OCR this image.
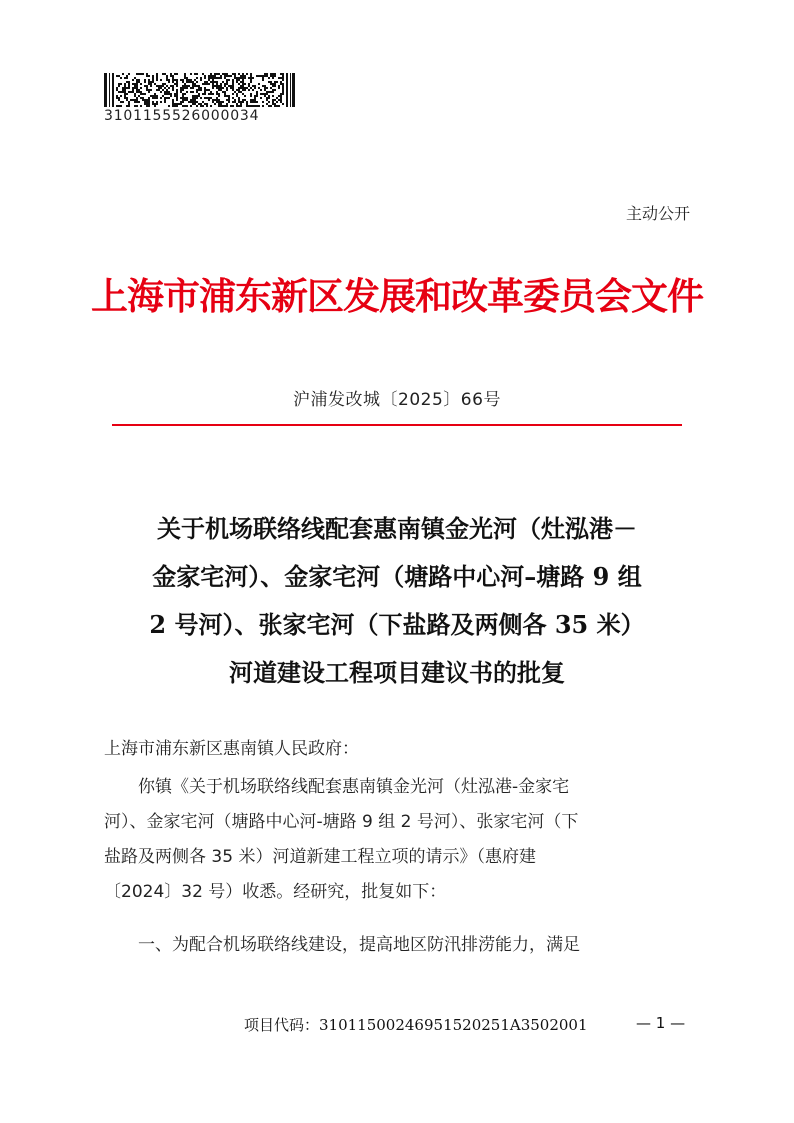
3101155526000034
主动公开
上海市浦东新区发展和改革委员会文件
沪浦发改城〔2025〕66号
关于机场联络线配套惠南镇金光河（灶泓港－
金家宅河）、金家宅河（塘路中心河–塘路 9 组
2 号河）、张家宅河（下盐路及两侧各 35 米）
河道建设工程项目建议书的批复
上海市浦东新区惠南镇人民政府：
　　你镇《关于机场联络线配套惠南镇金光河（灶泓港-金家宅
河）、金家宅河（塘路中心河-塘路 9 组 2 号河）、张家宅河（下
盐路及两侧各 35 米）河道新建工程立项的请示》（惠府建
〔2024〕32 号）收悉。经研究，批复如下：
　　一、为配合机场联络线建设，提高地区防汛排涝能力，满足
项目代码：31011500246951520251A3502001	— 1 —
